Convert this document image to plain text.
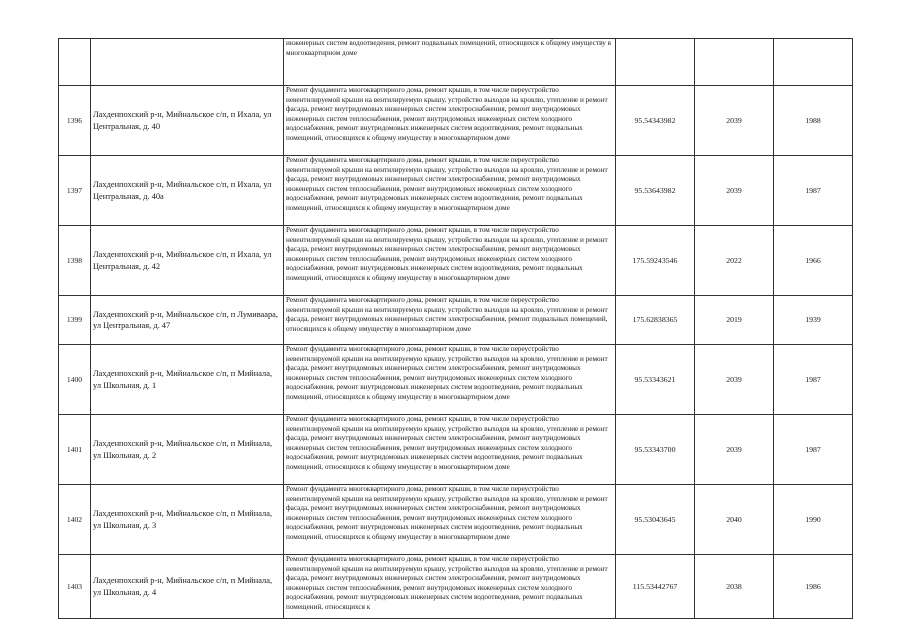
		инженерных систем водоотведения, ремонт подвальных помещений, относящихся к общему имуществу в многоквартирном доме			
1396	Лахденпохский р-н, Мийнальское с/п, п Ихала, ул Центральная, д. 40	Ремонт фундамента многоквартирного дома, ремонт крыши, в том числе переустройство невентилируемой крыши на вентилируемую крышу, устройство выходов на кровлю, утепление и ремонт фасада, ремонт внутридомовых инженерных систем электроснабжения, ремонт внутридомовых инженерных систем теплоснабжения, ремонт внутридомовых инженерных систем холодного водоснабжения, ремонт внутридомовых инженерных систем водоотведения, ремонт подвальных помещений, относящихся к общему имуществу в многоквартирном доме	95.54343982	2039	1988
1397	Лахденпохский р-н, Мийнальское с/п, п Ихала, ул Центральная, д. 40а	Ремонт фундамента многоквартирного дома, ремонт крыши, в том числе переустройство невентилируемой крыши на вентилируемую крышу, устройство выходов на кровлю, утепление и ремонт фасада, ремонт внутридомовых инженерных систем электроснабжения, ремонт внутридомовых инженерных систем теплоснабжения, ремонт внутридомовых инженерных систем холодного водоснабжения, ремонт внутридомовых инженерных систем водоотведения, ремонт подвальных помещений, относящихся к общему имуществу в многоквартирном доме	95.53643982	2039	1987
1398	Лахденпохский р-н, Мийнальское с/п, п Ихала, ул Центральная, д. 42	Ремонт фундамента многоквартирного дома, ремонт крыши, в том числе переустройство невентилируемой крыши на вентилируемую крышу, устройство выходов на кровлю, утепление и ремонт фасада, ремонт внутридомовых инженерных систем электроснабжения, ремонт внутридомовых инженерных систем теплоснабжения, ремонт внутридомовых инженерных систем холодного водоснабжения, ремонт внутридомовых инженерных систем водоотведения, ремонт подвальных помещений, относящихся к общему имуществу в многоквартирном доме	175.59243546	2022	1966
1399	Лахденпохский р-н, Мийнальское с/п, п Лумиваара, ул Центральная, д. 47	Ремонт фундамента многоквартирного дома, ремонт крыши, в том числе переустройство невентилируемой крыши на вентилируемую крышу, устройство выходов на кровлю, утепление и ремонт фасада, ремонт внутридомовых инженерных систем электроснабжения, ремонт подвальных помещений, относящихся к общему имуществу в многоквартирном доме	175.62838365	2019	1939
1400	Лахденпохский р-н, Мийнальское с/п, п Мийнала, ул Школьная, д. 1	Ремонт фундамента многоквартирного дома, ремонт крыши, в том числе переустройство невентилируемой крыши на вентилируемую крышу, устройство выходов на кровлю, утепление и ремонт фасада, ремонт внутридомовых инженерных систем электроснабжения, ремонт внутридомовых инженерных систем теплоснабжения, ремонт внутридомовых инженерных систем холодного водоснабжения, ремонт внутридомовых инженерных систем водоотведения, ремонт подвальных помещений, относящихся к общему имуществу в многоквартирном доме	95.53343621	2039	1987
1401	Лахденпохский р-н, Мийнальское с/п, п Мийнала, ул Школьная, д. 2	Ремонт фундамента многоквартирного дома, ремонт крыши, в том числе переустройство невентилируемой крыши на вентилируемую крышу, устройство выходов на кровлю, утепление и ремонт фасада, ремонт внутридомовых инженерных систем электроснабжения, ремонт внутридомовых инженерных систем теплоснабжения, ремонт внутридомовых инженерных систем холодного водоснабжения, ремонт внутридомовых инженерных систем водоотведения, ремонт подвальных помещений, относящихся к общему имуществу в многоквартирном доме	95.53343700	2039	1987
1402	Лахденпохский р-н, Мийнальское с/п, п Мийнала, ул Школьная, д. 3	Ремонт фундамента многоквартирного дома, ремонт крыши, в том числе переустройство невентилируемой крыши на вентилируемую крышу, устройство выходов на кровлю, утепление и ремонт фасада, ремонт внутридомовых инженерных систем электроснабжения, ремонт внутридомовых инженерных систем теплоснабжения, ремонт внутридомовых инженерных систем холодного водоснабжения, ремонт внутридомовых инженерных систем водоотведения, ремонт подвальных помещений, относящихся к общему имуществу в многоквартирном доме	95.53043645	2040	1990
1403	Лахденпохский р-н, Мийнальское с/п, п Мийнала, ул Школьная, д. 4	Ремонт фундамента многоквартирного дома, ремонт крыши, в том числе переустройство невентилируемой крыши на вентилируемую крышу, устройство выходов на кровлю, утепление и ремонт фасада, ремонт внутридомовых инженерных систем электроснабжения, ремонт внутридомовых инженерных систем теплоснабжения, ремонт внутридомовых инженерных систем холодного водоснабжения, ремонт внутридомовых инженерных систем водоотведения, ремонт подвальных помещений, относящихся к	115.53442767	2038	1986
